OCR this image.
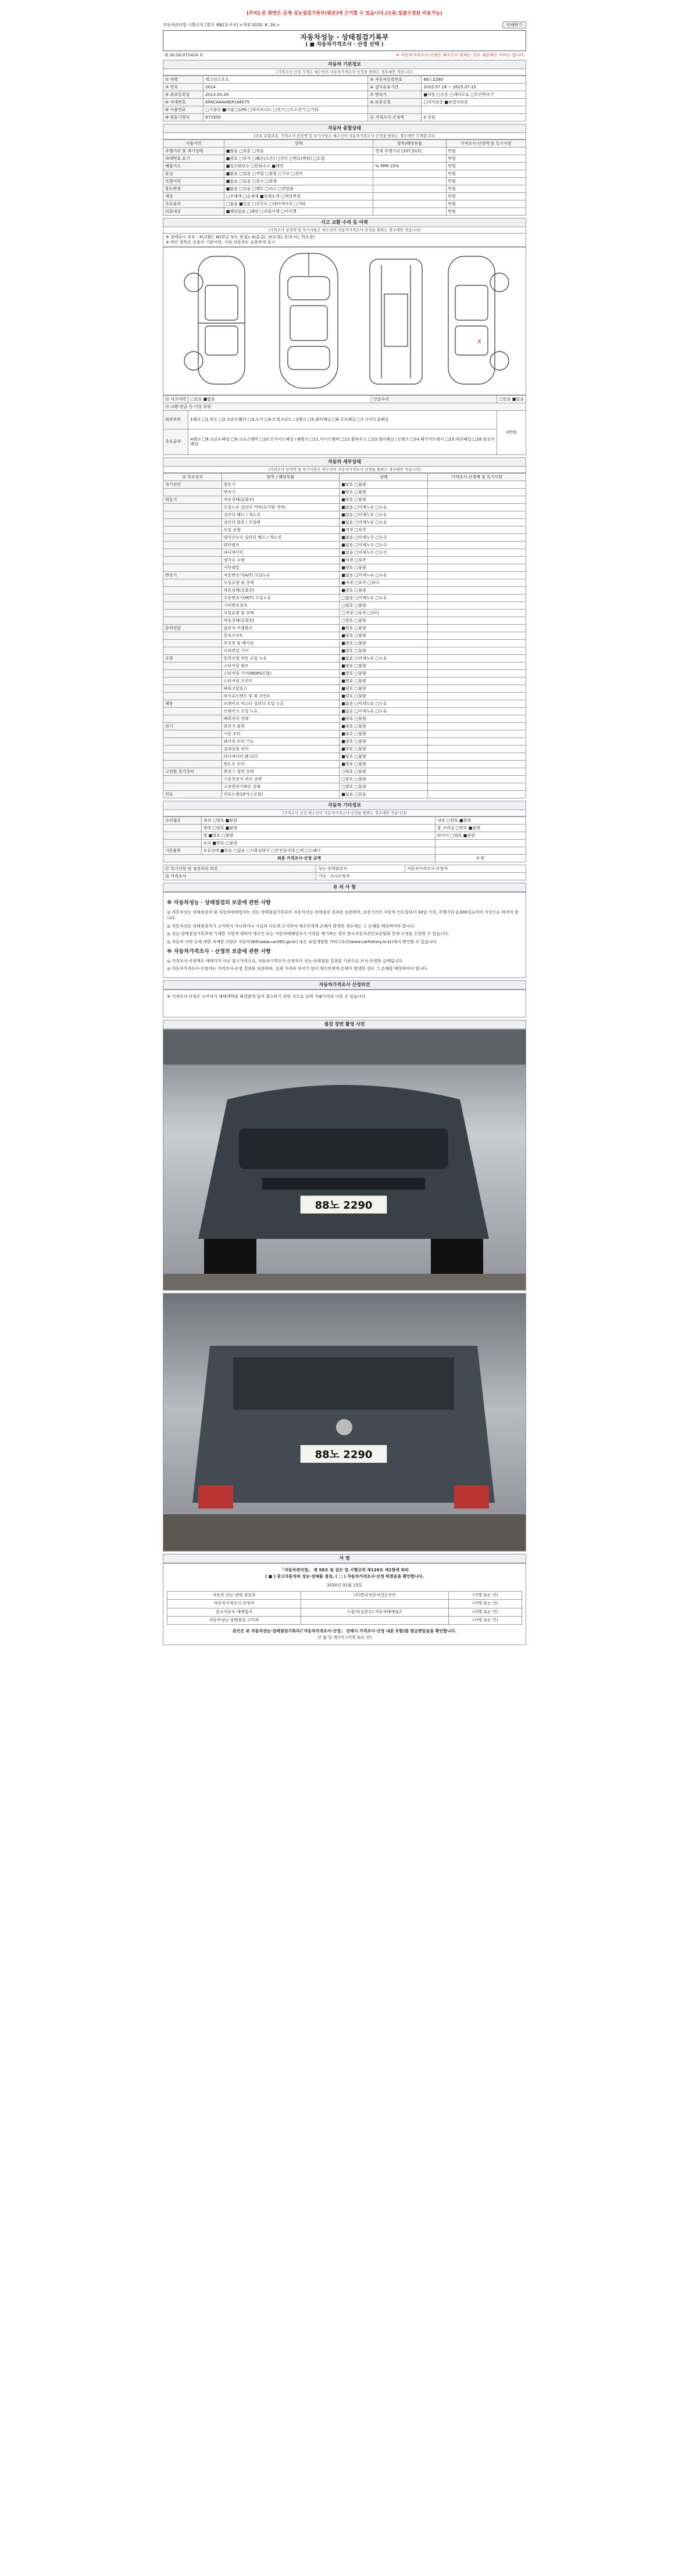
[주의] 본 화면은 공제 성능점검기록부(원본)에 근거할 수 있습니다.(오류,일괄수정된 비용가능)
자동차관리법 시행규칙 [별지 제82호서식] <개정 2020. 6. 26.>	인쇄하기
자동차성능 · 상태점검기록부
( ■ 자동차가격조사 · 산정 선택 )
제 20-16-071424 호	※ 자동차가격조사·산정은 매수인이 원하는 경우 제공하는 서비스 입니다.
자동차 기본정보
(가격조사·산정 가격은 매수인이 자동차가격조사·산정을 원하는 경우에만 적습니다)
① 차명	렉스턴스포츠	② 자동차등록번호	88노2290
③ 연식	2014	④ 검사유효기간	2025.07.16 ~ 2025.07.15
⑤ 최초등록일	2013.05.29	⑦ 변속기	■자동 □수동 □세미오토 □무단변속기
⑥ 차대번호	KPACA4AV8EP168575	⑨ 보증유형	□자가보증 ■보험사보증
⑧ 사용연료	□가솔린 ■디젤 □LPG □하이브리드 □전기 □수소전기 □기타		
⑩ 원동기형식	671950	⑪ 가격조사·산정액	0 만원
자동차 종합상태
(주요 포함과목, 가격조사·산정액 및 특기사항은 매수인이 자동차가격조사·산정을 원하는 경우에만 기재합니다)
사용이력	상태	항목/해당부품	가격조사·산정액 및 특기사항
주행거리 및 계기상태	■많음 □보통 □적음	현재 주행거리 [107,515]	만원
차대번호 표기	■양호 □부식 □훼손(오손) □상이 □변조(변타) □도말		만원
배출가스	■일산화탄소 □탄화수소 ■매연	% PPM 15%	만원
튜닝	■없음 □있음 □적법 □불법 □구조 □장치		만원
특별이력	■없음 □있음 □침수 □화재		만원
용도변경	■없음 □있음 □렌트 □리스 □영업용		만원
색상	□무채색 □유채색 ■전체도색 □색상변경		만원
주요옵션	□없음 ■있음 □선루프 □네비게이션 □기타		만원
리콜대상	■해당없음 □해당 □리콜이행 □미이행		만원
사고 교환 수리 등 이력
(가격조사·산정액 및 특기사항은 매수인이 자동차가격조사·산정을 원하는 경우에만 적습니다)
※ 상태표시 부호 : X(교환), W(판금 또는 용접), A(흠집), U(요철), C(부식), T(손상)
※ 하단 항목은 승용차 기준이며, 기타 자동차는 유용하게 표시
X
⑫ 사고이력	□있음 ■없음	단순수리	□있음 ■없음
⑬ 교환·판금 등 이상 부위			
외판부위	1랭크 □1.후드 □2.프론트휀더 □3.도어 □4.트렁크리드 / 2랭크 □5.쿼터패널 □6.루프패널 □7.사이드실패널		0만원
주요골격	A랭크 □8.프론트패널 □9.크로스멤버 □10.인사이드패널 / B랭크 □11.사이드멤버 □12.휠하우스 □13.필러패널 / C랭크 □14.패키지트레이 □15.대쉬패널 □16.플로어패널		
자동차 세부상태
(가격조사·산정액 및 특기사항은 매수인이 자동차가격조사·산정을 원하는 경우에만 적습니다)
⑭ 주요장치	항목 / 해당부품	상태	가격조사·산정액 및 특기사항
자기진단	원동기	■양호 □불량	
	변속기	■양호 □불량	
원동기	작동상태(공회전)	■양호 □불량	
	오일누유 실린더 커버(로커암 커버)	■없음 □미세누유 □누유	
	실린더 헤드 / 개스킷	■없음 □미세누유 □누유	
	실린더 블록 / 오일팬	■없음 □미세누유 □누유	
	오일 유량	■적정 □부족	
	냉각수누수 실린더 헤드 / 개스킷	■없음 □미세누수 □누수	
	워터펌프	■없음 □미세누수 □누수	
	라디에이터	■없음 □미세누수 □누수	
	냉각수 수량	■적정 □부족	
	커먼레일	■양호 □불량	
변속기	자동변속기(A/T) 오일누유	■없음 □미세누유 □누유	
	오일유량 및 상태	■적정 □부족 □과다	
	작동상태(공회전)	■양호 □불량	
	수동변속기(M/T) 오일누유	□없음 □미세누유 □누유	
	기어변속장치	□양호 □불량	
	오일유량 및 상태	□적정 □부족 □과다	
	작동상태(공회전)	□양호 □불량	
동력전달	클러치 어셈블리	■양호 □불량	
	등속조인트	■양호 □불량	
	추진축 및 베어링	■양호 □불량	
	디퍼렌셜 기어	■양호 □불량	
조향	동력조향 작동 오일 누유	■없음 □미세누유 □누유	
	스티어링 펌프	■양호 □불량	
	스티어링 기어(MDPS포함)	■양호 □불량	
	스티어링 조인트	■양호 □불량	
	파워고압호스	■양호 □불량	
	타이로드엔드 및 볼 조인트	■양호 □불량	
제동	브레이크 마스터 실린더 오일 누유	■없음 □미세누유 □누유	
	브레이크 오일 누유	■없음 □미세누유 □누유	
	배력장치 상태	■양호 □불량	
전기	발전기 출력	■양호 □불량	
	시동 모터	■양호 □불량	
	와이퍼 모터 기능	■양호 □불량	
	실내송풍 모터	■양호 □불량	
	라디에이터 팬 모터	■양호 □불량	
	윈도우 모터	■양호 □불량	
고전원 전기장치	충전구 절연 상태	□양호 □불량	
	구동축전지 격리 상태	□양호 □불량	
	고전원전기배선 상태	□양호 □불량	
연료	연료누출(LP가스포함)	■없음 □있음	
자동차 기타정보
(가격조사·산정 매수인이 자동차가격조사·산정을 원하는 경우에만 적습니다)
수리필요	외장 □양호 ■불량	내장 □양호 ■불량
	광택 □양호 ■불량	룸 크리닝 □양호 ■불량
	휠 ■양호 □불량	타이어 □양호 ■불량
	유리 ■양호 □불량	
기본품목	보유상태 ■있음 □없음 □사용설명서 □안전삼각대 □잭 □스패너	
최종 가격조사·산정 금액		0 원
⑰ 특기사항 및 점검자의 의견	성능·상태점검자	자동차가격조사·산정자
⑱ 가격조사	기타 - 조사산정자	
유 의 사 항
※ 자동차성능 · 상태점검의 보증에 관한 사항

◎ 자동차성능·상태점검자 및 자동차매매업자는 성능·상태점검기록부의 자동차성능·상태점검 결과를 보증하며, 보증기간은 자동차 인도일부터 30일 이상, 주행거리 2,000킬로미터 이상으로 하여야 합니다.

◎ 자동차성능·상태점검자가 고지하지 아니하거나 사실과 다르게 고지하여 매수인에게 손해가 발생한 경우에는 그 손해를 배상하여야 합니다.

◎ 성능·상태점검기록부에 기재한 사항에 대하여 매수인 또는 자동차매매업자가 이의를 제기하는 경우 한국자동차진단보증협회 등에 조정을 신청할 수 있습니다.

◎ 자동차 이력 등에 대한 자세한 사항은 자동차365(www.car365.go.kr) 또는 보험개발원 카히스토리(www.carhistory.or.kr)에서 확인할 수 있습니다.

※ 자동차가격조사 · 산정의 보증에 관한 사항

◎ 가격조사·산정액은 매매가가 아닌 참고가격으로, 자동차가격조사·산정자가 성능·상태점검 결과를 기준으로 조사·산정한 금액입니다.

◎ 자동차가격조사·산정자는 가격조사·산정 결과를 보증하며, 실제 가격과 차이가 있어 매수인에게 손해가 발생한 경우 그 손해를 배상하여야 합니다.

자동차가격조사 산정의견
※ 가격조사·산정은 소비자가 매매계약을 체결함에 있어 참고하기 위한 것으로 실제 거래가격과 다를 수 있습니다.
점검 장면 촬영 사진
88노 2290
88노 2290
서 명
「자동차관리법」 제 58조 및 같은 법 시행규칙 제120조 제1항에 따라
( ■ ) 중고자동차의 성능·상태를 점검, ( □ ) 자동차가격조사·산정 하였음을 확인합니다.
2020년 01월 13일
자동차 성능·상태 점검자	(주)한국자동차성능진단	(서명 또는 인)
자동차가격조사·산정자		(서명 또는 인)
중고자동차 매매업자	드림카(김종수) 자동차매매업소	(서명 또는 인)
자동차성능·상태점검 고지자		(서명 또는 인)
본인은 위 자동차성능·상태점검기록부(「자동차가격조사·산정」 선택시 가격조사·산정 내용 포함)를 발급받았음을 확인합니다.
년 월 일 매수인 (서명 또는 인)
